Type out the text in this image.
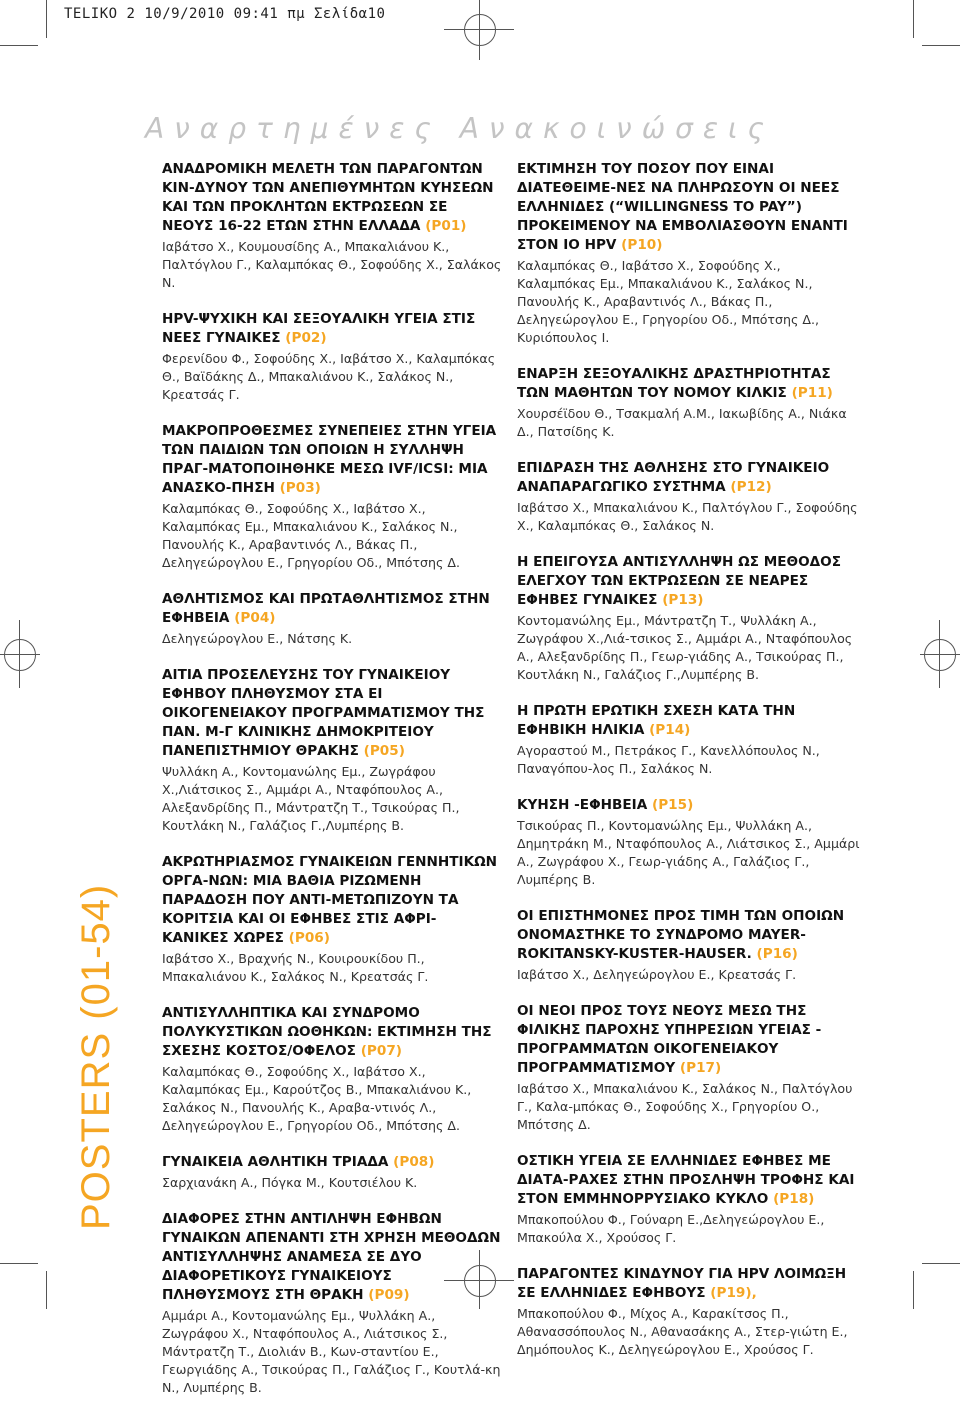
TELIKO 2 10/9/2010 09:41 πμ Σελίδα10
Αναρτημένες Ανακοινώσεις
POSTERS (01-54)
ΑΝΑΔΡΟΜΙΚΗ ΜΕΛΕΤΗ ΤΩΝ ΠΑΡΑΓΟΝΤΩΝ ΚΙΝ-ΔΥΝΟΥ ΤΩΝ ΑΝΕΠΙΘΥΜΗΤΩΝ ΚΥΗΣΕΩΝ ΚΑΙ ΤΩΝ ΠΡΟΚΛΗΤΩΝ ΕΚΤΡΩΣΕΩΝ ΣΕ ΝΕΟΥΣ 16-22 ΕΤΩΝ ΣΤΗΝ ΕΛΛΑΔΑ (P01)
Ιαβάτσο Χ., Κουμουσίδης Α., Μπακαλιάνου Κ., Παλτόγλου Γ., Καλαμπόκας Θ., Σοφούδης Χ., Σαλάκος Ν.
HPV-ΨΥΧΙΚΗ ΚΑΙ ΣΕΞΟΥΑΛΙΚΗ ΥΓΕΙΑ ΣΤΙΣ ΝΕΕΣ ΓΥΝΑΙΚΕΣ (P02)
Φερενίδου Φ., Σοφούδης Χ., Ιαβάτσο Χ., Καλαμπόκας Θ., Βαϊδάκης Δ., Μπακαλιάνου Κ., Σαλάκος Ν., Κρεατσάς Γ.
ΜΑΚΡΟΠΡΟΘΕΣΜΕΣ ΣΥΝΕΠΕΙΕΣ ΣΤΗΝ ΥΓΕΙΑ ΤΩΝ ΠΑΙΔΙΩΝ ΤΩΝ ΟΠΟΙΩΝ Η ΣΥΛΛΗΨΗ ΠΡΑΓ-ΜΑΤΟΠΟΙΗΘΗΚΕ ΜΕΣΩ IVF/ICSI: ΜΙΑ ΑΝΑΣΚΟ-ΠΗΣΗ (P03)
Καλαμπόκας Θ., Σοφούδης Χ., Ιαβάτσο Χ., Καλαμπόκας Εμ., Μπακαλιάνου Κ., Σαλάκος Ν., Πανουλής Κ., Αραβαντινός Λ., Βάκας Π., Δεληγεώρογλου Ε., Γρηγορίου Οδ., Μπότσης Δ.
ΑΘΛΗΤΙΣΜΟΣ ΚΑΙ ΠΡΩΤΑΘΛΗΤΙΣΜΟΣ ΣΤΗΝ ΕΦΗΒΕΙΑ (P04)
Δεληγεώρογλου Ε., Νάτσης Κ.
ΑΙΤΙΑ ΠΡΟΣΕΛΕΥΣΗΣ ΤΟΥ ΓΥΝΑΙΚΕΙΟΥ ΕΦΗΒΟΥ ΠΛΗΘΥΣΜΟΥ ΣΤΑ ΕΙ ΟΙΚΟΓΕΝΕΙΑΚΟΥ ΠΡΟΓΡΑΜΜΑΤΙΣΜΟΥ ΤΗΣ ΠΑΝ. Μ-Γ ΚΛΙΝΙΚΗΣ ΔΗΜΟΚΡΙΤΕΙΟΥ ΠΑΝΕΠΙΣΤΗΜΙΟΥ ΘΡΑΚΗΣ (P05)
Ψυλλάκη Α., Κοντομανώλης Εμ., Ζωγράφου Χ.,Λιάτσικος Σ., Αμμάρι Α., Νταφόπουλος Α., Αλεξανδρίδης Π., Μάντρατζη Τ., Τσικούρας Π., Κουτλάκη Ν., Γαλάζιος Γ.,Λυμπέρης Β.
ΑΚΡΩΤΗΡΙΑΣΜΟΣ ΓΥΝΑΙΚΕΙΩΝ ΓΕΝΝΗΤΙΚΩΝ ΟΡΓΑ-ΝΩΝ: ΜΙΑ ΒΑΘΙΑ ΡΙΖΩΜΕΝΗ ΠΑΡΑΔΟΣΗ ΠΟΥ ΑΝΤΙ-ΜΕΤΩΠΙΖΟΥΝ ΤΑ ΚΟΡΙΤΣΙΑ ΚΑΙ ΟΙ ΕΦΗΒΕΣ ΣΤΙΣ ΑΦΡΙ-ΚΑΝΙΚΕΣ ΧΩΡΕΣ (P06)
Ιαβάτσο Χ., Βραχνής Ν., Κουιρουκίδου Π., Μπακαλιάνου Κ., Σαλάκος Ν., Κρεατσάς Γ.
ΑΝΤΙΣΥΛΛΗΠΤΙΚΑ ΚΑΙ ΣΥΝΔΡΟΜΟ ΠΟΛΥΚΥΣΤΙΚΩΝ ΩΟΘΗΚΩΝ: ΕΚΤΙΜΗΣΗ ΤΗΣ ΣΧΕΣΗΣ ΚΟΣΤΟΣ/ΟΦΕΛΟΣ (P07)
Καλαμπόκας Θ., Σοφούδης Χ., Ιαβάτσο Χ., Καλαμπόκας Εμ., Καρούτζος Β., Μπακαλιάνου Κ., Σαλάκος Ν., Πανουλής Κ., Αραβα-ντινός Λ., Δεληγεώρογλου Ε., Γρηγορίου Οδ., Μπότσης Δ.
ΓΥΝΑΙΚΕΙΑ ΑΘΛΗΤΙΚΗ ΤΡΙΑΔΑ (P08)
Σαρχιανάκη Α., Πόγκα Μ., Κουτσιέλου Κ.
ΔΙΑΦΟΡΕΣ ΣΤΗΝ ΑΝΤΙΛΗΨΗ ΕΦΗΒΩΝ ΓΥΝΑΙΚΩΝ ΑΠΕΝΑΝΤΙ ΣΤΗ ΧΡΗΣΗ ΜΕΘΟΔΩΝ ΑΝΤΙΣΥΛΛΗΨΗΣ ΑΝΑΜΕΣΑ ΣΕ ΔΥΟ ΔΙΑΦΟΡΕΤΙΚΟΥΣ ΓΥΝΑΙΚΕΙΟΥΣ ΠΛΗΘΥΣΜΟΥΣ ΣΤΗ ΘΡΑΚΗ (P09)
Αμμάρι Α., Κοντομανώλης Εμ., Ψυλλάκη Α., Ζωγράφου Χ., Νταφόπουλος Α., Λιάτσικος Σ., Μάντρατζη Τ., Διολιάν Β., Κων-σταντίου Ε., Γεωργιάδης Α., Τσικούρας Π., Γαλάζιος Γ., Κουτλά-κη Ν., Λυμπέρης Β.
ΕΚΤΙΜΗΣΗ ΤΟΥ ΠΟΣΟΥ ΠΟΥ ΕΙΝΑΙ ΔΙΑΤΕΘΕΙΜΕ-ΝΕΣ ΝΑ ΠΛΗΡΩΣΟΥΝ ΟΙ ΝΕΕΣ ΕΛΛΗΝΙΔΕΣ (“WILLINGNESS TO PAY”) ΠΡΟΚΕΙΜΕΝΟΥ ΝΑ ΕΜΒΟΛΙΑΣΘΟΥΝ ΕΝΑΝΤΙ ΣΤΟΝ ΙΟ HPV (P10)
Καλαμπόκας Θ., Ιαβάτσο Χ., Σοφούδης Χ., Καλαμπόκας Εμ., Μπακαλιάνου Κ., Σαλάκος Ν., Πανουλής Κ., Αραβαντινός Λ., Βάκας Π., Δεληγεώρογλου Ε., Γρηγορίου Οδ., Μπότσης Δ., Κυριόπουλος Ι.
ΕΝΑΡΞΗ ΣΕΞΟΥΑΛΙΚΗΣ ΔΡΑΣΤΗΡΙΟΤΗΤΑΣ ΤΩΝ ΜΑΘΗΤΩΝ ΤΟΥ ΝΟΜΟΥ ΚΙΛΚΙΣ (P11)
Χουρσέϊδου Θ., Τσακμαλή Α.Μ., Ιακωβίδης Α., Νιάκα Δ., Πατσίδης Κ.
ΕΠΙΔΡΑΣΗ ΤΗΣ ΑΘΛΗΣΗΣ ΣΤΟ ΓΥΝΑΙΚΕΙΟ ΑΝΑΠΑΡΑΓΩΓΙΚΟ ΣΥΣΤΗΜΑ (P12)
Ιαβάτσο Χ., Μπακαλιάνου Κ., Παλτόγλου Γ., Σοφούδης Χ., Καλαμπόκας Θ., Σαλάκος Ν.
Η ΕΠΕΙΓΟΥΣΑ ΑΝΤΙΣΥΛΛΗΨΗ ΩΣ ΜΕΘΟΔΟΣ ΕΛΕΓΧΟΥ ΤΩΝ ΕΚΤΡΩΣΕΩΝ ΣΕ ΝΕΑΡΕΣ ΕΦΗΒΕΣ ΓΥΝΑΙΚΕΣ (P13)
Κοντομανώλης Εμ., Μάντρατζη Τ., Ψυλλάκη Α., Ζωγράφου Χ.,Λιά-τσικος Σ., Αμμάρι Α., Νταφόπουλος Α., Αλεξανδρίδης Π., Γεωρ-γιάδης Α., Τσικούρας Π., Κουτλάκη Ν., Γαλάζιος Γ.,Λυμπέρης Β.
Η ΠΡΩΤΗ ΕΡΩΤΙΚΗ ΣΧΕΣΗ ΚΑΤΑ ΤΗΝ ΕΦΗΒΙΚΗ ΗΛΙΚΙΑ (P14)
Αγοραστού Μ., Πετράκος Γ., Κανελλόπουλος Ν., Παναγόπου-λος Π., Σαλάκος Ν.
ΚΥΗΣΗ -ΕΦΗΒΕΙΑ (P15)
Τσικούρας Π., Κοντομανώλης Εμ., Ψυλλάκη Α., Δημητράκη Μ., Νταφόπουλος Α., Λιάτσικος Σ., Αμμάρι Α., Ζωγράφου Χ., Γεωρ-γιάδης Α., Γαλάζιος Γ., Λυμπέρης Β.
ΟΙ ΕΠΙΣΤΗΜΟΝΕΣ ΠΡΟΣ ΤΙΜΗ ΤΩΝ ΟΠΟΙΩΝ ΟΝΟΜΑΣΤΗΚΕ ΤΟ ΣΥΝΔΡΟΜΟ MAYER-ROKITANSKY-KUSTER-HAUSER. (P16)
Ιαβάτσο Χ., Δεληγεώρογλου Ε., Κρεατσάς Γ.
ΟΙ ΝΕΟΙ ΠΡΟΣ ΤΟΥΣ ΝΕΟΥΣ ΜΕΣΩ ΤΗΣ ΦΙΛΙΚΗΣ ΠΑΡΟΧΗΣ ΥΠΗΡΕΣΙΩΝ ΥΓΕΙΑΣ - ΠΡΟΓΡΑΜΜΑΤΩΝ ΟΙΚΟΓΕΝΕΙΑΚΟΥ ΠΡΟΓΡΑΜΜΑΤΙΣΜΟΥ (P17)
Ιαβάτσο Χ., Μπακαλιάνου Κ., Σαλάκος Ν., Παλτόγλου Γ., Καλα-μπόκας Θ., Σοφούδης Χ., Γρηγορίου Ο., Μπότσης Δ.
ΟΣΤΙΚΗ ΥΓΕΙΑ ΣΕ ΕΛΛΗΝΙΔΕΣ ΕΦΗΒΕΣ ΜΕ ΔΙΑΤΑ-ΡΑΧΕΣ ΣΤΗΝ ΠΡΟΣΛΗΨΗ ΤΡΟΦΗΣ ΚΑΙ ΣΤΟΝ ΕΜΜΗΝΟΡΡΥΣΙΑΚΟ ΚΥΚΛΟ (P18)
Μπακοπούλου Φ., Γούναρη Ε.,Δεληγεώρογλου Ε., Μπακούλα Χ., Χρούσος Γ.
ΠΑΡΑΓΟΝΤΕΣ ΚΙΝΔΥΝΟΥ ΓΙΑ HPV ΛΟΙΜΩΞΗ ΣΕ ΕΛΛΗΝΙΔΕΣ ΕΦΗΒΟΥΣ (P19),
Μπακοπούλου Φ., Μίχος Α., Καρακίτσος Π., Αθανασσόπουλος Ν., Αθανασάκης Α., Στερ-γιώτη Ε., Δημόπουλος Κ., Δεληγεώρογλου Ε., Χρούσος Γ.
